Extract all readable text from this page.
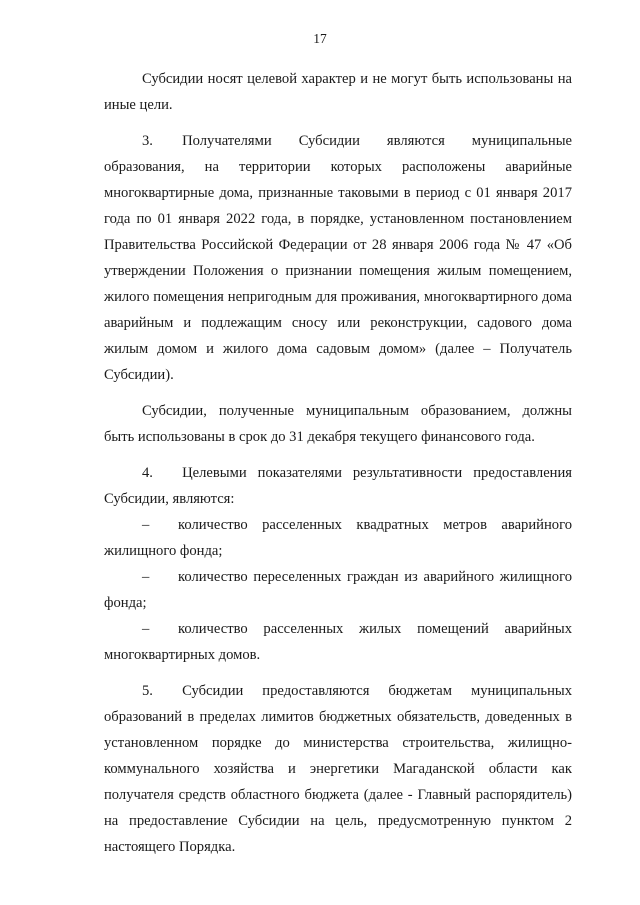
17

Субсидии носят целевой характер и не могут быть использованы на иные цели.

3.  Получателями Субсидии являются муниципальные образования, на территории которых расположены аварийные многоквартирные дома, признанные таковыми в период с 01 января 2017 года по 01 января 2022 года, в порядке, установленном постановлением Правительства Российской Федерации от 28 января 2006 года № 47 «Об утверждении Положения о признании помещения жилым помещением, жилого помещения непригодным для проживания, многоквартирного дома аварийным и подлежащим сносу или реконструкции, садового дома жилым домом и жилого дома садовым домом» (далее – Получатель Субсидии).

Субсидии, полученные муниципальным образованием, должны быть использованы в срок до 31 декабря текущего финансового года.

4.  Целевыми показателями результативности предоставления Субсидии, являются:

– количество расселенных квадратных метров аварийного жилищного фонда;

– количество переселенных граждан из аварийного жилищного фонда;

– количество расселенных жилых помещений аварийных многоквартирных домов.

5.  Субсидии предоставляются бюджетам муниципальных образований в пределах лимитов бюджетных обязательств, доведенных в установленном порядке до министерства строительства, жилищно-коммунального хозяйства и энергетики Магаданской области как получателя средств областного бюджета (далее - Главный распорядитель) на предоставление Субсидии на цель, предусмотренную пунктом 2 настоящего Порядка.
